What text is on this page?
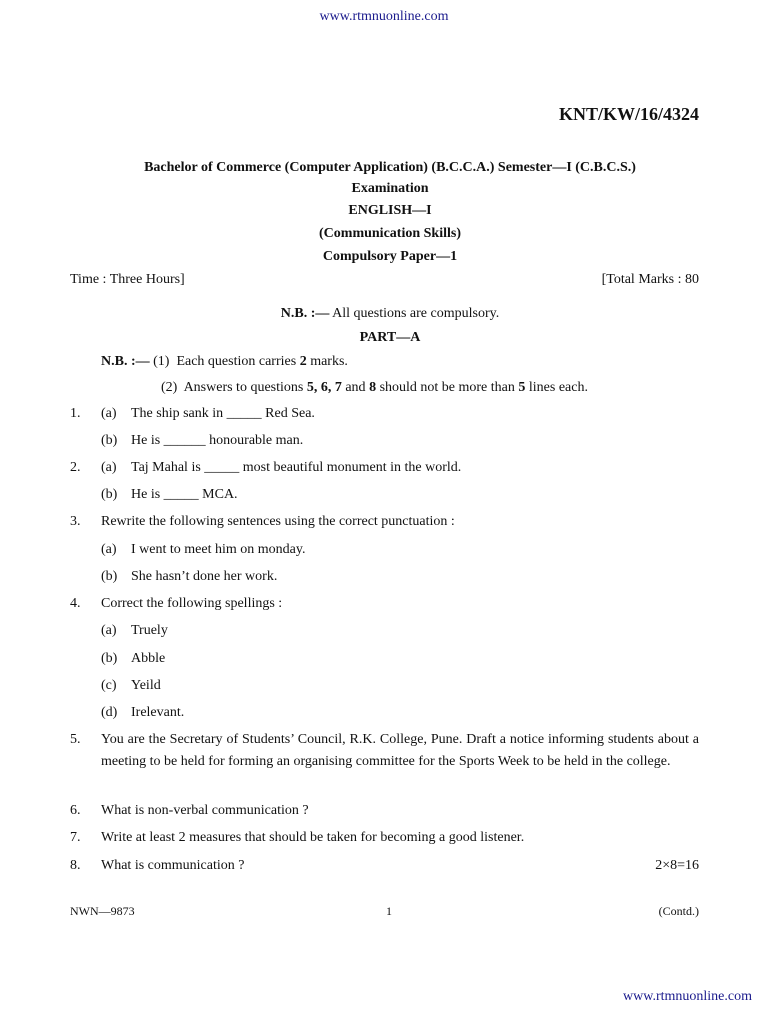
www.rtmnuonline.com
KNT/KW/16/4324
Bachelor of Commerce (Computer Application) (B.C.C.A.) Semester—I (C.B.C.S.)
Examination
ENGLISH—I
(Communication Skills)
Compulsory Paper—1
Time : Three Hours]	[Total Marks : 80
N.B. :— All questions are compulsory.
PART—A
N.B. :— (1) Each question carries 2 marks.
(2) Answers to questions 5, 6, 7 and 8 should not be more than 5 lines each.
1. (a) The ship sank in _____ Red Sea.
(b) He is ______ honourable man.
2. (a) Taj Mahal is _____ most beautiful monument in the world.
(b) He is _____ MCA.
3. Rewrite the following sentences using the correct punctuation :
(a) I went to meet him on monday.
(b) She hasn’t done her work.
4. Correct the following spellings :
(a) Truely
(b) Abble
(c) Yeild
(d) Irelevant.
5. You are the Secretary of Students’ Council, R.K. College, Pune. Draft a notice informing students about a meeting to be held for forming an organising committee for the Sports Week to be held in the college.
6. What is non-verbal communication ?
7. Write at least 2 measures that should be taken for becoming a good listener.
8. What is communication ?	2×8=16
NWN—9873	1	(Contd.)
www.rtmnuonline.com
